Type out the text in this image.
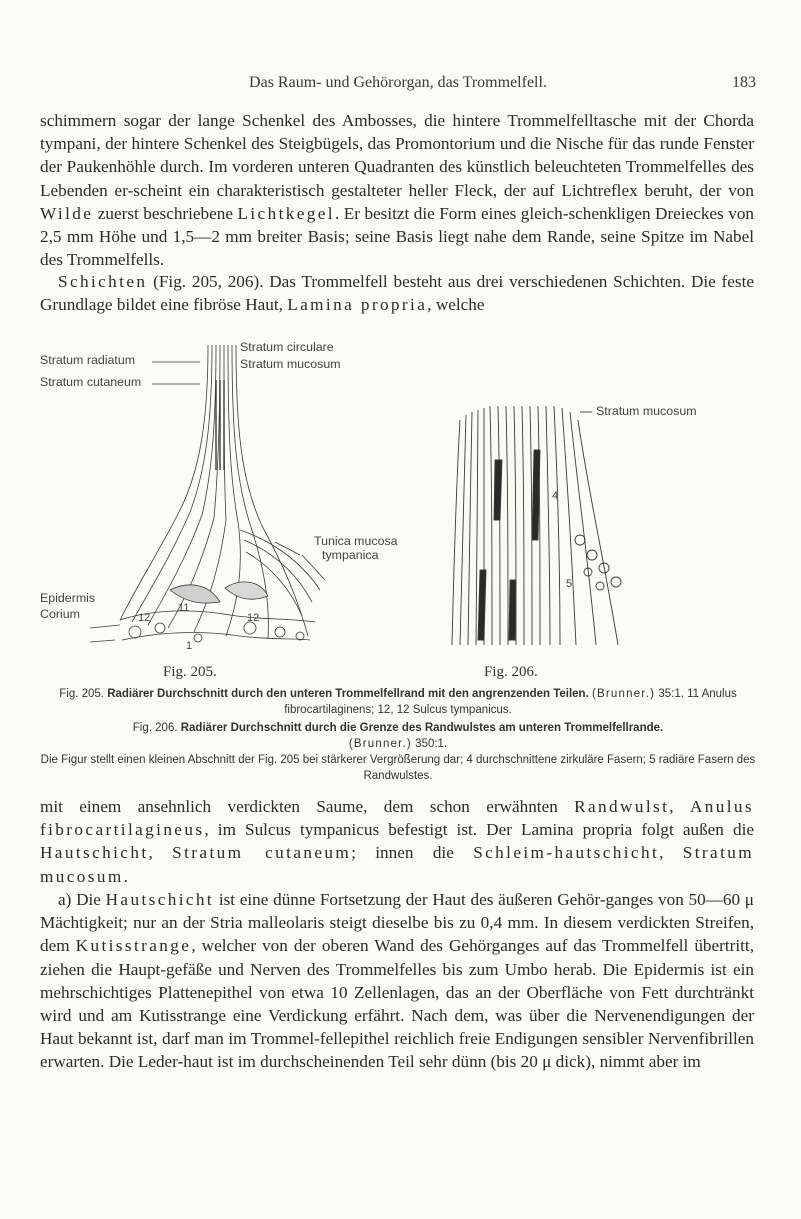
Das Raum- und Gehörorgan, das Trommelfell.	183

schimmern sogar der lange Schenkel des Ambosses, die hintere Trommelfelltasche mit der Chorda tympani, der hintere Schenkel des Steigbügels, das Promontorium und die Nische für das runde Fenster der Paukenhöhle durch. Im vorderen unteren Quadranten des künstlich beleuchteten Trommelfelles des Lebenden er-scheint ein charakteristisch gestalteter heller Fleck, der auf Lichtreflex beruht, der von Wilde zuerst beschriebene Lichtkegel. Er besitzt die Form eines gleich-schenkligen Dreieckes von 2,5 mm Höhe und 1,5—2 mm breiter Basis; seine Basis liegt nahe dem Rande, seine Spitze im Nabel des Trommelfells.

Schichten (Fig. 205, 206). Das Trommelfell besteht aus drei verschiedenen Schichten. Die feste Grundlage bildet eine fibröse Haut, Lamina propria, welche

Stratum radiatum
Stratum cutaneum
Stratum circulare
Stratum mucosum
Tunica mucosa
tympanica
Epidermis
Corium	12
11
12
1
Stratum mucosum
4
5
Fig. 205.	Fig. 206.

Fig. 205. Radiärer Durchschnitt durch den unteren Trommelfellrand mit den angrenzenden Teilen. (Brunner.) 35:1. 11 Anulus fibrocartilaginens; 12, 12 Sulcus tympanicus.

Fig. 206. Radiärer Durchschnitt durch die Grenze des Randwulstes am unteren Trommelfellrande.
(Brunner.) 350:1.
Die Figur stellt einen kleinen Abschnitt der Fig. 205 bei stärkerer Vergrößerung dar; 4 durchschnittene zirkuläre Fasern; 5 radiäre Fasern des Randwulstes.

mit einem ansehnlich verdickten Saume, dem schon erwähnten Randwulst, Anulus fibrocartilagineus, im Sulcus tympanicus befestigt ist. Der Lamina propria folgt außen die Hautschicht, Stratum cutaneum; innen die Schleim-hautschicht, Stratum mucosum.

a) Die Hautschicht ist eine dünne Fortsetzung der Haut des äußeren Gehör-ganges von 50—60 μ Mächtigkeit; nur an der Stria malleolaris steigt dieselbe bis zu 0,4 mm. In diesem verdickten Streifen, dem Kutisstrange, welcher von der oberen Wand des Gehörganges auf das Trommelfell übertritt, ziehen die Haupt-gefäße und Nerven des Trommelfelles bis zum Umbo herab. Die Epidermis ist ein mehrschichtiges Plattenepithel von etwa 10 Zellenlagen, das an der Oberfläche von Fett durchtränkt wird und am Kutisstrange eine Verdickung erfährt. Nach dem, was über die Nervenendigungen der Haut bekannt ist, darf man im Trommel-fellepithel reichlich freie Endigungen sensibler Nervenfibrillen erwarten. Die Leder-haut ist im durchscheinenden Teil sehr dünn (bis 20 μ dick), nimmt aber im
